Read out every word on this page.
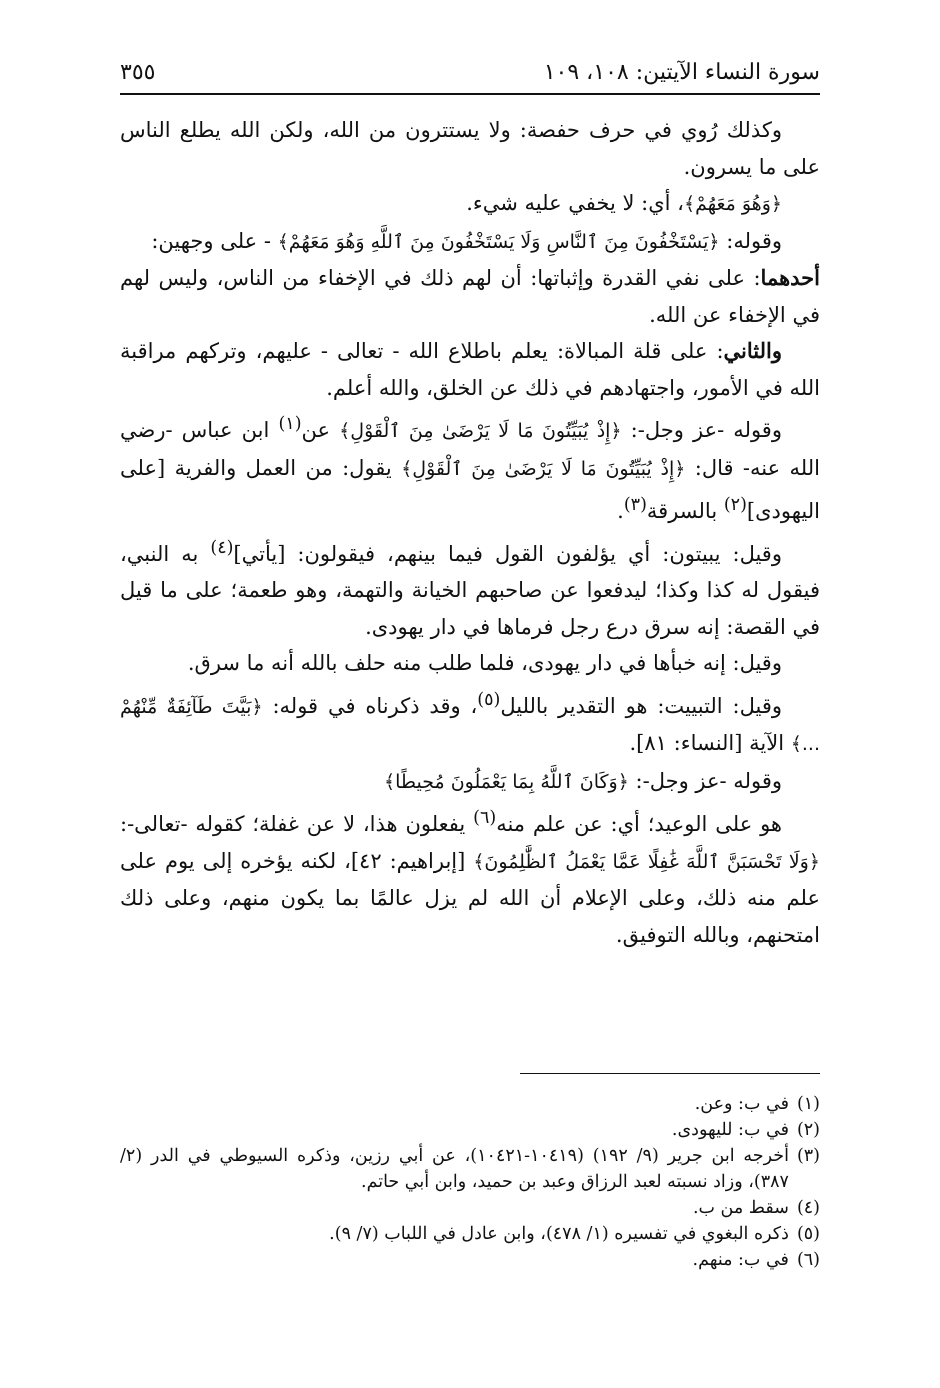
سورة النساء الآيتين: ١٠٨، ١٠٩
٣٥٥

وكذلك رُوي في حرف حفصة: ولا يستترون من الله، ولكن الله يطلع الناس على ما يسرون.

﴿وَهُوَ مَعَهُمْ﴾، أي: لا يخفي عليه شيء.

وقوله: ﴿يَسْتَخْفُونَ مِنَ ٱلنَّاسِ وَلَا يَسْتَخْفُونَ مِنَ ٱللَّهِ وَهُوَ مَعَهُمْ﴾ - على وجهين:

أحدهما: على نفي القدرة وإثباتها: أن لهم ذلك في الإخفاء من الناس، وليس لهم في الإخفاء عن الله.

والثاني: على قلة المبالاة: يعلم باطلاع الله - تعالى - عليهم، وتركهم مراقبة الله في الأمور، واجتهادهم في ذلك عن الخلق، والله أعلم.

وقوله -عز وجل-: ﴿إِذْ يُبَيِّتُونَ مَا لَا يَرْضَىٰ مِنَ ٱلْقَوْلِ﴾ عن$^{(١)}$ ابن عباس -رضي الله عنه- قال: ﴿إِذْ يُبَيِّتُونَ مَا لَا يَرْضَىٰ مِنَ ٱلْقَوْلِ﴾ يقول: من العمل والفرية [على اليهودى]$^{(٢)}$ بالسرقة$^{(٣)}$.

وقيل: يبيتون: أي يؤلفون القول فيما بينهم، فيقولون: [يأتي]$^{(٤)}$ به النبي، فيقول له كذا وكذا؛ ليدفعوا عن صاحبهم الخيانة والتهمة، وهو طعمة؛ على ما قيل في القصة: إنه سرق درع رجل فرماها في دار يهودى.

وقيل: إنه خبأها في دار يهودى، فلما طلب منه حلف بالله أنه ما سرق.

وقيل: التبييت: هو التقدير بالليل$^{(٥)}$، وقد ذكرناه في قوله: ﴿بَيَّتَ طَآئِفَةٌ مِّنْهُمْ ...﴾ الآية [النساء: ٨١].

وقوله -عز وجل-: ﴿وَكَانَ ٱللَّهُ بِمَا يَعْمَلُونَ مُحِيطًا﴾

هو على الوعيد؛ أي: عن علم منه$^{(٦)}$ يفعلون هذا، لا عن غفلة؛ كقوله -تعالى-: ﴿وَلَا تَحْسَبَنَّ ٱللَّهَ غَٰفِلًا عَمَّا يَعْمَلُ ٱلظَّٰلِمُونَ﴾ [إبراهيم: ٤٢]، لكنه يؤخره إلى يوم على علم منه ذلك، وعلى الإعلام أن الله لم يزل عالمًا بما يكون منهم، وعلى ذلك امتحنهم، وبالله التوفيق.

(١)
في ب: وعن.
(٢)
في ب: لليهودى.
(٣)
أخرجه ابن جرير (٩/ ١٩٢) (١٠٤١٩-١٠٤٢١)، عن أبي رزين، وذكره السيوطي في الدر (٢/ ٣٨٧)، وزاد نسبته لعبد الرزاق وعبد بن حميد، وابن أبي حاتم.
(٤)
سقط من ب.
(٥)
ذكره البغوي في تفسيره (١/ ٤٧٨)، وابن عادل في اللباب (٧/ ٩).
(٦)
في ب: منهم.
